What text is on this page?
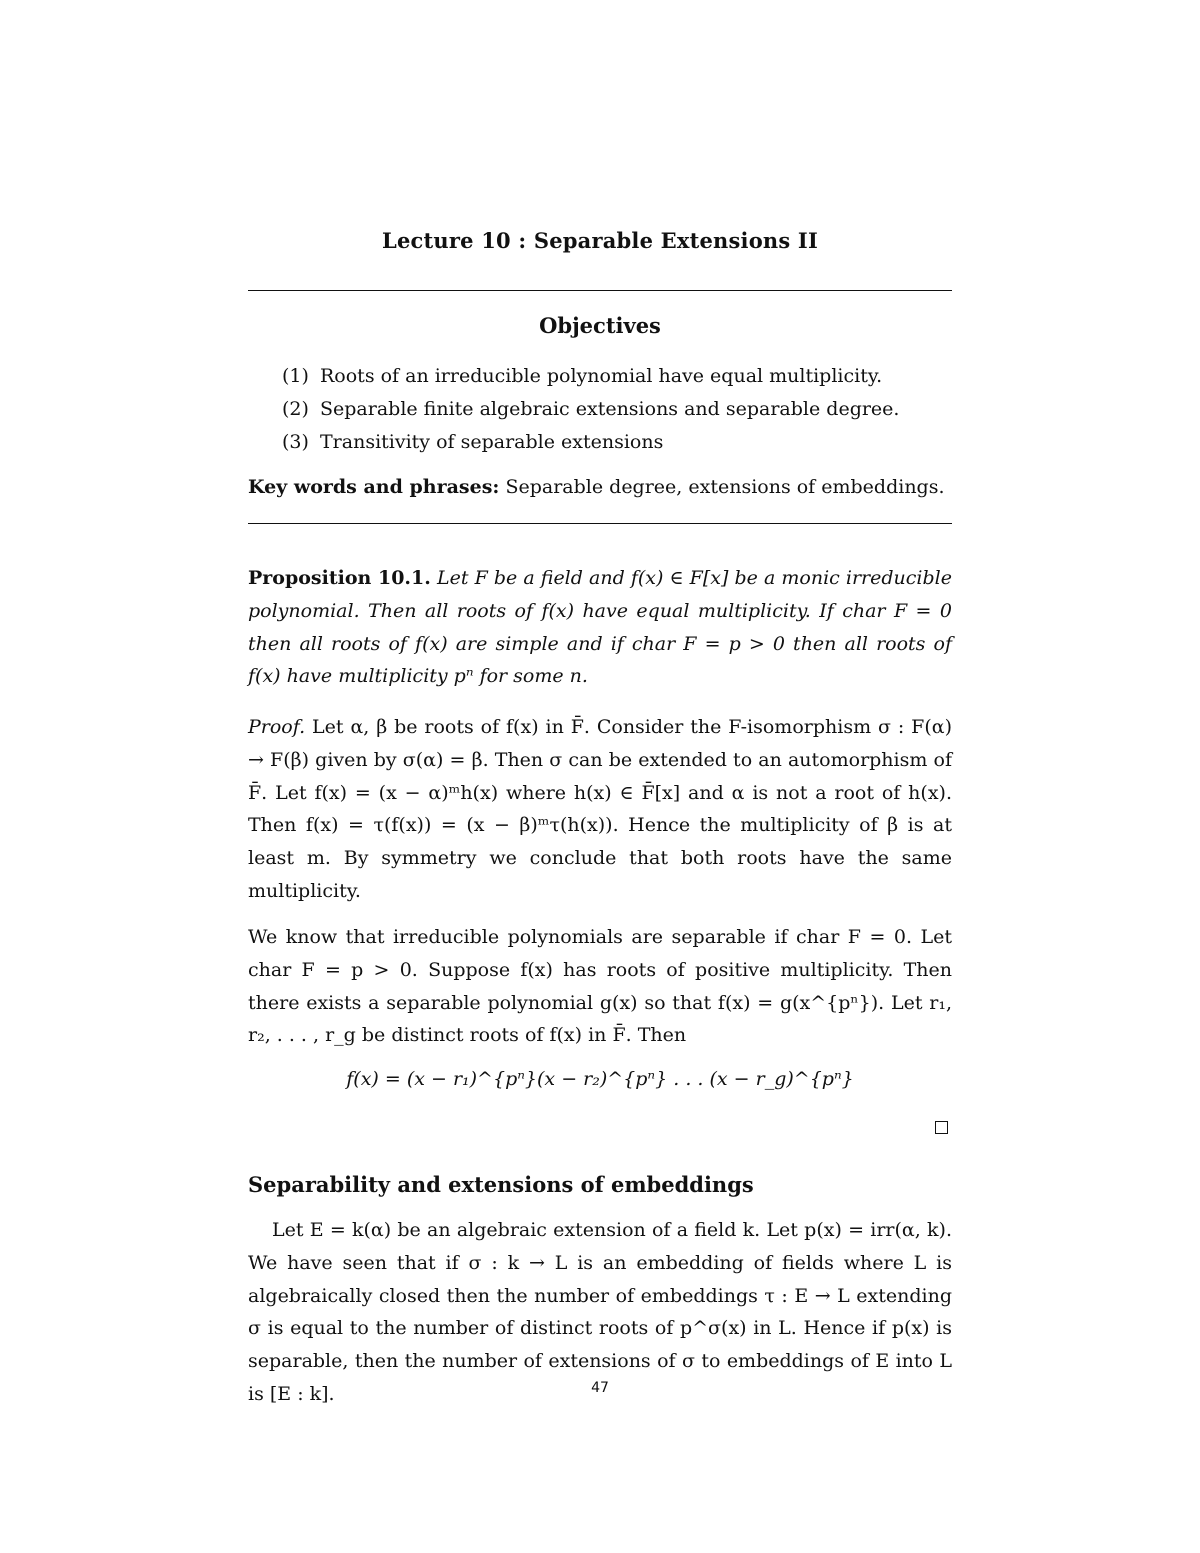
Lecture 10 : Separable Extensions II
Objectives
(1) Roots of an irreducible polynomial have equal multiplicity.
(2) Separable finite algebraic extensions and separable degree.
(3) Transitivity of separable extensions
Key words and phrases: Separable degree, extensions of embeddings.
Proposition 10.1. Let F be a field and f(x) ∈ F[x] be a monic irreducible polynomial. Then all roots of f(x) have equal multiplicity. If char F = 0 then all roots of f(x) are simple and if char F = p > 0 then all roots of f(x) have multiplicity pⁿ for some n.
Proof. Let α, β be roots of f(x) in F̄. Consider the F-isomorphism σ : F(α) → F(β) given by σ(α) = β. Then σ can be extended to an automorphism of F̄. Let f(x) = (x − α)ᵐh(x) where h(x) ∈ F̄[x] and α is not a root of h(x). Then f(x) = τ(f(x)) = (x − β)ᵐτ(h(x)). Hence the multiplicity of β is at least m. By symmetry we conclude that both roots have the same multiplicity.
We know that irreducible polynomials are separable if char F = 0. Let char F = p > 0. Suppose f(x) has roots of positive multiplicity. Then there exists a separable polynomial g(x) so that f(x) = g(x^{pⁿ}). Let r₁, r₂, . . . , r_g be distinct roots of f(x) in F̄. Then
f(x) = (x − r₁)^{pⁿ}(x − r₂)^{pⁿ} . . . (x − r_g)^{pⁿ}
Separability and extensions of embeddings
Let E = k(α) be an algebraic extension of a field k. Let p(x) = irr(α, k). We have seen that if σ : k → L is an embedding of fields where L is algebraically closed then the number of embeddings τ : E → L extending σ is equal to the number of distinct roots of p^σ(x) in L. Hence if p(x) is separable, then the number of extensions of σ to embeddings of E into L is [E : k].	47
